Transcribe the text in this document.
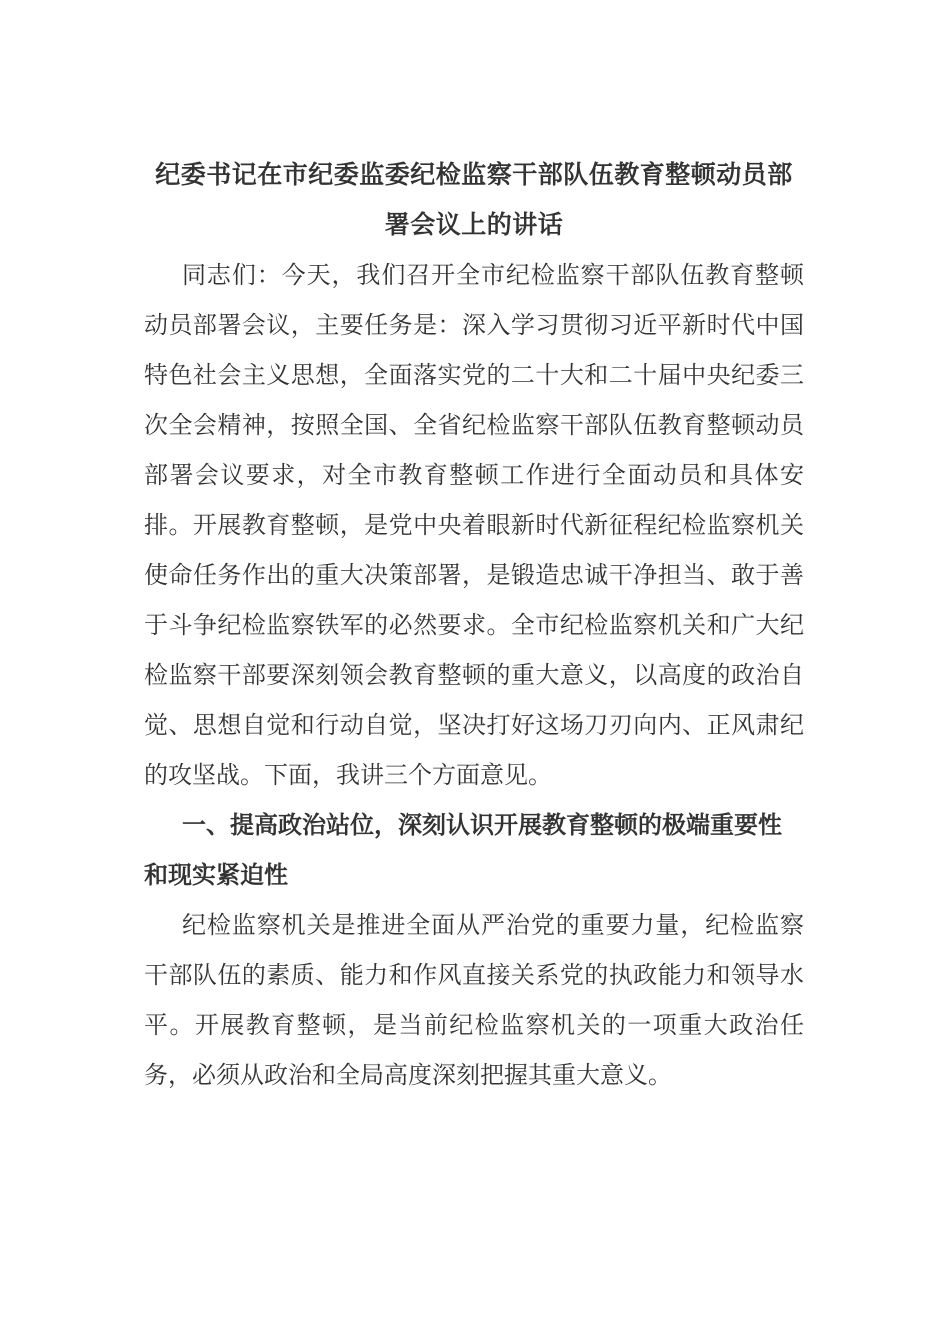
纪委书记在市纪委监委纪检监察干部队伍教育整顿动员部署会议上的讲话

同志们：今天，我们召开全市纪检监察干部队伍教育整顿动员部署会议，主要任务是：深入学习贯彻习近平新时代中国特色社会主义思想，全面落实党的二十大和二十届中央纪委三次全会精神，按照全国、全省纪检监察干部队伍教育整顿动员部署会议要求，对全市教育整顿工作进行全面动员和具体安排。开展教育整顿，是党中央着眼新时代新征程纪检监察机关使命任务作出的重大决策部署，是锻造忠诚干净担当、敢于善于斗争纪检监察铁军的必然要求。全市纪检监察机关和广大纪检监察干部要深刻领会教育整顿的重大意义，以高度的政治自觉、思想自觉和行动自觉，坚决打好这场刀刃向内、正风肃纪的攻坚战。下面，我讲三个方面意见。

一、提高政治站位，深刻认识开展教育整顿的极端重要性和现实紧迫性

纪检监察机关是推进全面从严治党的重要力量，纪检监察干部队伍的素质、能力和作风直接关系党的执政能力和领导水平。开展教育整顿，是当前纪检监察机关的一项重大政治任务，必须从政治和全局高度深刻把握其重大意义。
